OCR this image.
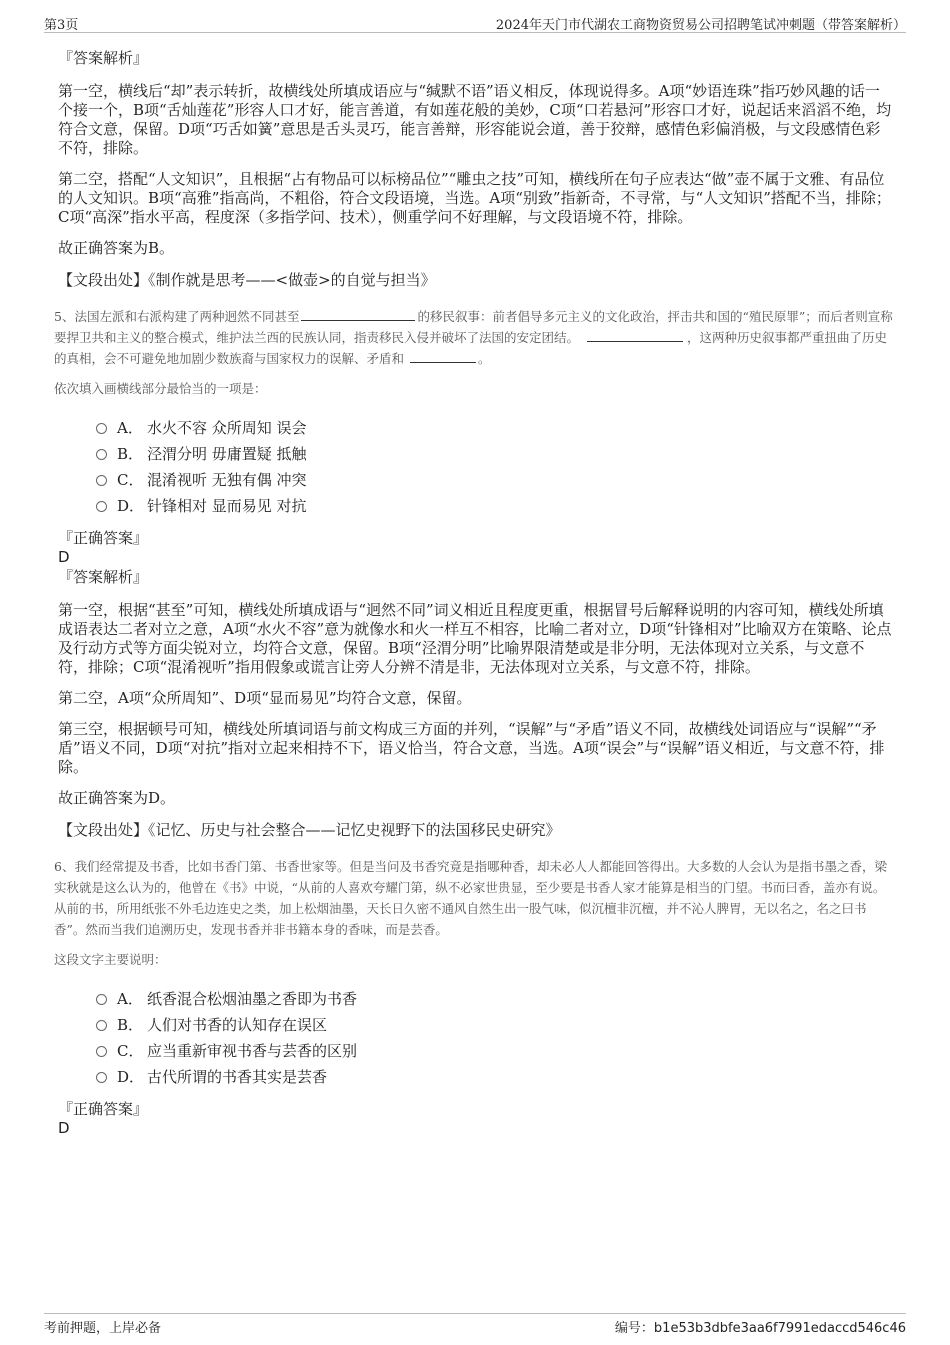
第3页	2024年天门市代湖农工商物资贸易公司招聘笔试冲刺题（带答案解析）
『答案解析』

第一空，横线后“却”表示转折，故横线处所填成语应与“缄默不语”语义相反，体现说得多。A项“妙语连珠”指巧妙风趣的话一个接一个，B项“舌灿莲花”形容人口才好，能言善道，有如莲花般的美妙，C项“口若悬河”形容口才好，说起话来滔滔不绝，均符合文意，保留。D项“巧舌如簧”意思是舌头灵巧，能言善辩，形容能说会道，善于狡辩，感情色彩偏消极，与文段感情色彩不符，排除。

第二空，搭配“人文知识”，且根据“占有物品可以标榜品位”“雕虫之技”可知，横线所在句子应表达“做”壶不属于文雅、有品位的人文知识。B项“高雅”指高尚，不粗俗，符合文段语境，当选。A项“别致”指新奇，不寻常，与“人文知识”搭配不当，排除；C项“高深”指水平高，程度深（多指学问、技术），侧重学问不好理解，与文段语境不符，排除。

故正确答案为B。

【文段出处】《制作就是思考——<做壶>的自觉与担当》

5、法国左派和右派构建了两种迥然不同甚至	的移民叙事：前者倡导多元主义的文化政治，抨击共和国的“殖民原罪”；而后者则宣称要捍卫共和主义的整合模式，维护法兰西的民族认同，指责移民入侵并破坏了法国的安定团结。	，这两种历史叙事都严重扭曲了历史的真相，会不可避免地加剧少数族裔与国家权力的误解、矛盾和	。

依次填入画横线部分最恰当的一项是：

A． 水火不容 众所周知 误会
B． 泾渭分明 毋庸置疑 抵触
C． 混淆视听 无独有偶 冲突
D． 针锋相对 显而易见 对抗
『正确答案』
D
『答案解析』

第一空，根据“甚至”可知，横线处所填成语与“迥然不同”词义相近且程度更重，根据冒号后解释说明的内容可知，横线处所填成语表达二者对立之意，A项“水火不容”意为就像水和火一样互不相容，比喻二者对立，D项“针锋相对”比喻双方在策略、论点及行动方式等方面尖锐对立，均符合文意，保留。B项“泾渭分明”比喻界限清楚或是非分明，无法体现对立关系，与文意不符，排除；C项“混淆视听”指用假象或谎言让旁人分辨不清是非，无法体现对立关系，与文意不符，排除。

第二空，A项“众所周知”、D项“显而易见”均符合文意，保留。

第三空，根据顿号可知，横线处所填词语与前文构成三方面的并列，“误解”与“矛盾”语义不同，故横线处词语应与“误解”“矛盾”语义不同，D项“对抗”指对立起来相持不下，语义恰当，符合文意，当选。A项“误会”与“误解”语义相近，与文意不符，排除。

故正确答案为D。

【文段出处】《记忆、历史与社会整合——记忆史视野下的法国移民史研究》

6、我们经常提及书香，比如书香门第、书香世家等。但是当问及书香究竟是指哪种香，却未必人人都能回答得出。大多数的人会认为是指书墨之香，梁实秋就是这么认为的，他曾在《书》中说，“从前的人喜欢夸耀门第，纵不必家世贵显，至少要是书香人家才能算是相当的门望。书而曰香，盖亦有说。从前的书，所用纸张不外毛边连史之类，加上松烟油墨，天长日久密不通风自然生出一股气味，似沉檀非沉檀，并不沁人脾胃，无以名之，名之曰书香”。然而当我们追溯历史，发现书香并非书籍本身的香味，而是芸香。

这段文字主要说明：

A． 纸香混合松烟油墨之香即为书香
B． 人们对书香的认知存在误区
C． 应当重新审视书香与芸香的区别
D． 古代所谓的书香其实是芸香
『正确答案』
D
考前押题，上岸必备	编号：b1e53b3dbfe3aa6f7991edaccd546c46
